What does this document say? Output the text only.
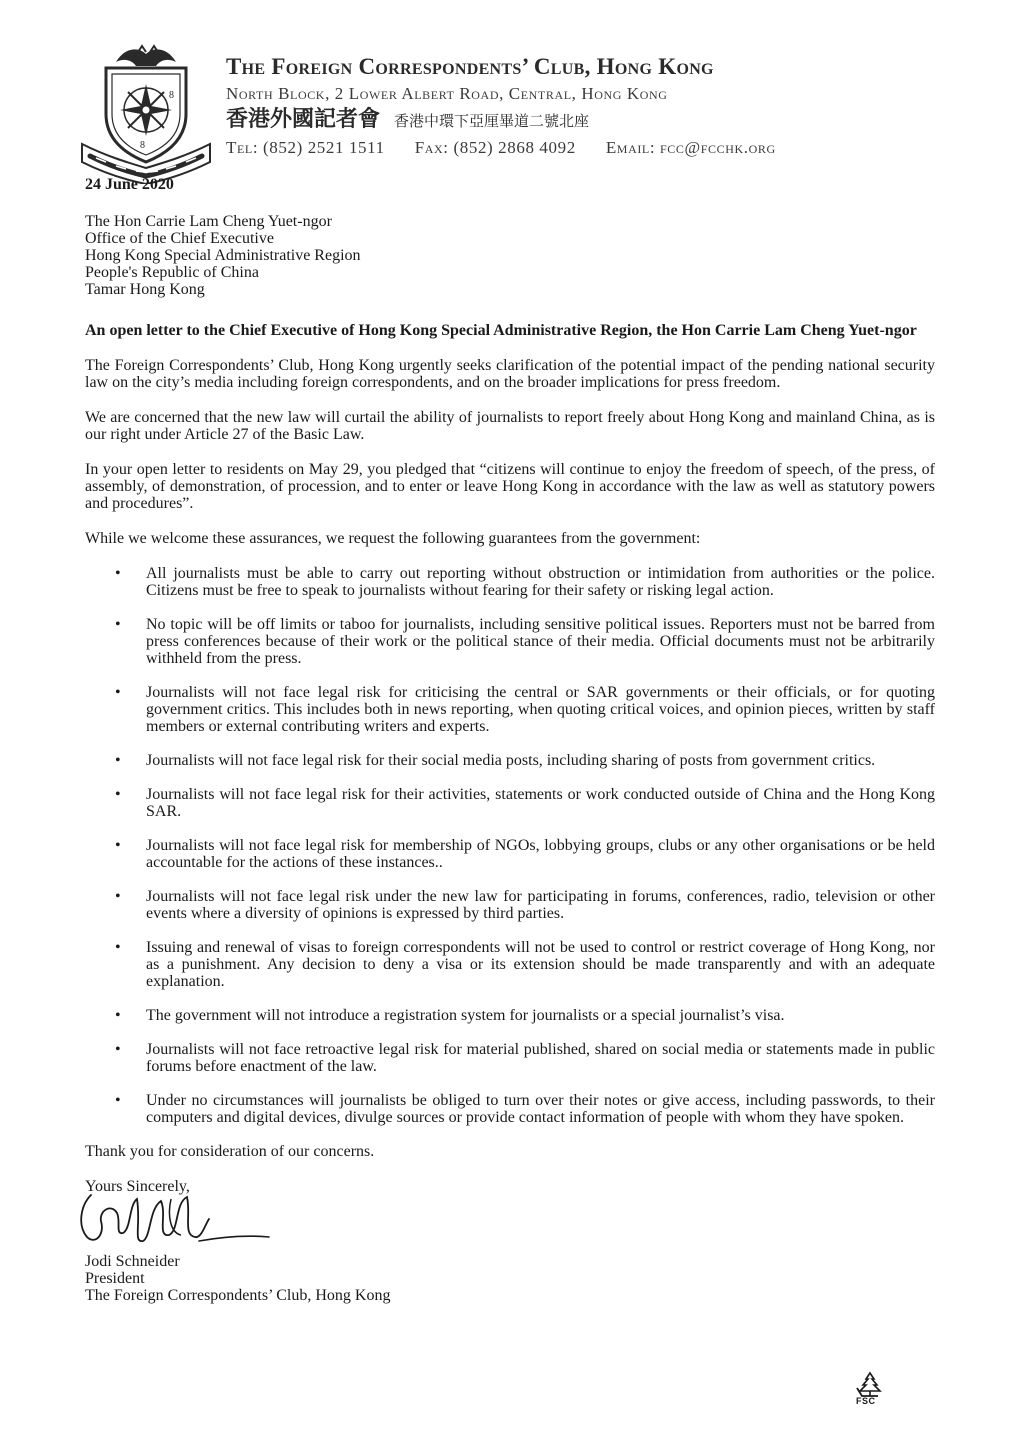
8
8
The Foreign Correspondents’ Club, Hong Kong
North Block, 2 Lower Albert Road, Central, Hong Kong
香港外國記者會 香港中環下亞厘畢道二號北座
Tel: (852) 2521 1511 Fax: (852) 2868 4092 Email: fcc@fcchk.org
24 June 2020
The Hon Carrie Lam Cheng Yuet-ngor
Office of the Chief Executive
Hong Kong Special Administrative Region
People's Republic of China
Tamar Hong Kong
An open letter to the Chief Executive of Hong Kong Special Administrative Region, the Hon Carrie Lam Cheng Yuet-ngor
The Foreign Correspondents’ Club, Hong Kong urgently seeks clarification of the potential impact of the pending national security law on the city’s media including foreign correspondents, and on the broader implications for press freedom.
We are concerned that the new law will curtail the ability of journalists to report freely about Hong Kong and mainland China, as is our right under Article 27 of the Basic Law.
In your open letter to residents on May 29, you pledged that “citizens will continue to enjoy the freedom of speech, of the press, of assembly, of demonstration, of procession, and to enter or leave Hong Kong in accordance with the law as well as statutory powers and procedures”.
While we welcome these assurances, we request the following guarantees from the government:
• All journalists must be able to carry out reporting without obstruction or intimidation from authorities or the police. Citizens must be free to speak to journalists without fearing for their safety or risking legal action.
• No topic will be off limits or taboo for journalists, including sensitive political issues. Reporters must not be barred from press conferences because of their work or the political stance of their media. Official documents must not be arbitrarily withheld from the press.
• Journalists will not face legal risk for criticising the central or SAR governments or their officials, or for quoting government critics. This includes both in news reporting, when quoting critical voices, and opinion pieces, written by staff members or external contributing writers and experts.
• Journalists will not face legal risk for their social media posts, including sharing of posts from government critics.
• Journalists will not face legal risk for their activities, statements or work conducted outside of China and the Hong Kong SAR.
• Journalists will not face legal risk for membership of NGOs, lobbying groups, clubs or any other organisations or be held accountable for the actions of these instances..
• Journalists will not face legal risk under the new law for participating in forums, conferences, radio, television or other events where a diversity of opinions is expressed by third parties.
• Issuing and renewal of visas to foreign correspondents will not be used to control or restrict coverage of Hong Kong, nor as a punishment. Any decision to deny a visa or its extension should be made transparently and with an adequate explanation.
• The government will not introduce a registration system for journalists or a special journalist’s visa.
• Journalists will not face retroactive legal risk for material published, shared on social media or statements made in public forums before enactment of the law.
• Under no circumstances will journalists be obliged to turn over their notes or give access, including passwords, to their computers and digital devices, divulge sources or provide contact information of people with whom they have spoken.
Thank you for consideration of our concerns.
Yours Sincerely,
Jodi Schneider
President
The Foreign Correspondents’ Club, Hong Kong
FSC
